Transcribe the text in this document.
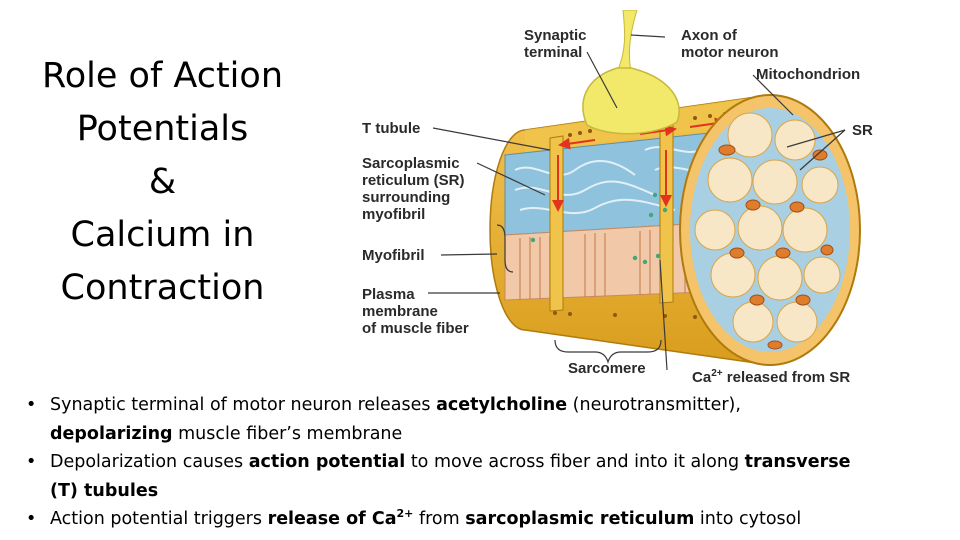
Role of Action
Potentials
&
Calcium in
Contraction
Synaptic
terminal
Axon of
motor neuron
Mitochondrion
T tubule	SR
Sarcoplasmic
reticulum (SR)
surrounding
myofibril
Myofibril
Plasma
membrane
of muscle fiber
Sarcomere
$Ca^{2+}$ released from SR
• Synaptic terminal of motor neuron releases acetylcholine (neurotransmitter),
depolarizing muscle fiber’s membrane
• Depolarization causes action potential to move across fiber and into it along transverse
(T) tubules
• Action potential triggers release of $Ca^{2+}$ from sarcoplasmic reticulum into cytosol
